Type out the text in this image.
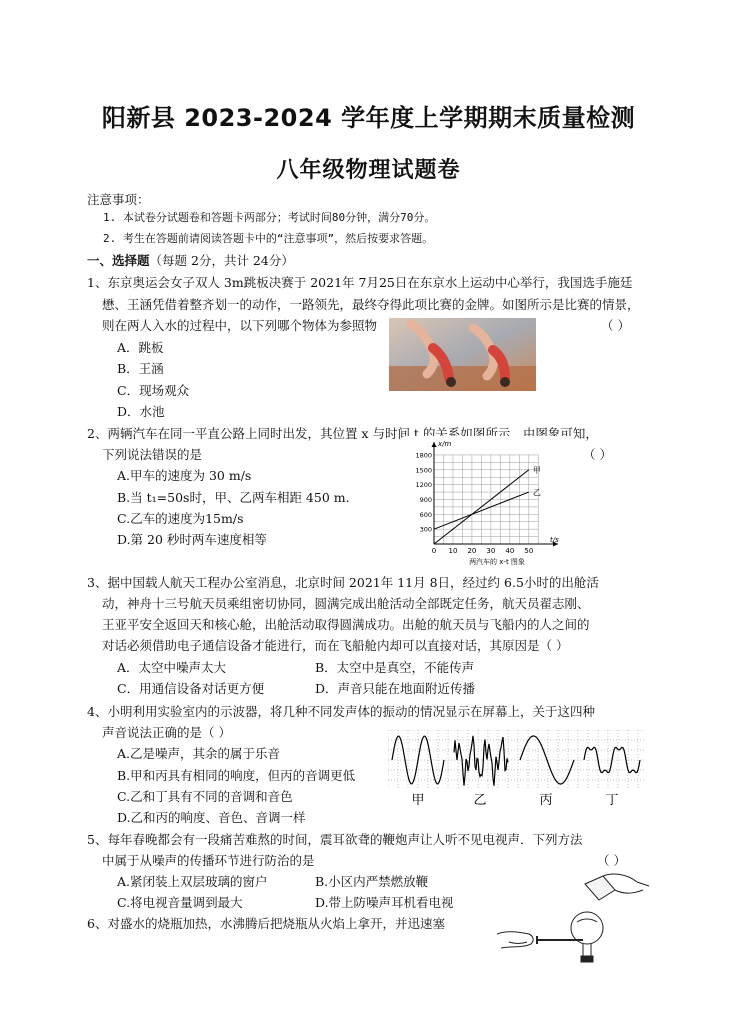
阳新县 2023-2024 学年度上学期期末质量检测
八年级物理试题卷
注意事项：
1. 本试卷分试题卷和答题卡两部分；考试时间80分钟，满分70分。
2. 考生在答题前请阅读答题卡中的“注意事项”，然后按要求答题。
一、选择题（每题 2分，共计 24分）
1、东京奥运会女子双人 3m跳板决赛于 2021年 7月25日在东京水上运动中心举行，我国选手施廷
懋、王涵凭借着整齐划一的动作，一路领先，最终夺得此项比赛的金牌。如图所示是比赛的情景，
则在两人入水的过程中，以下列哪个物体为参照物	（ ）
A．跳板
B．王涵
C．现场观众
D．水池
2、两辆汽车在同一平直公路上同时出发，其位置 x 与时间 t 的关系如图所示，由图象可知，
下列说法错误的是	（ ）
A.甲车的速度为 30 m/s
B.当 t₁=50s时，甲、乙两车相距 450 m.
C.乙车的速度为15m/s
D.第 20 秒时两车速度相等
0 10 20 30 40 50
300
600
900
1200
1500
1800
x/m
t/s
甲
乙
两汽车的 x-t 图象
3、据中国载人航天工程办公室消息，北京时间 2021年 11月 8日，经过约 6.5小时的出舱活
动，神舟十三号航天员乘组密切协同，圆满完成出舱活动全部既定任务，航天员翟志刚、
王亚平安全返回天和核心舱，出舱活动取得圆满成功。出舱的航天员与飞船内的人之间的
对话必须借助电子通信设备才能进行，而在飞船舱内却可以直接对话，其原因是（ ）
A．太空中噪声太大	B．太空中是真空，不能传声
C．用通信设备对话更方便	D．声音只能在地面附近传播
4、小明利用实验室内的示波器，将几种不同发声体的振动的情况显示在屏幕上，关于这四种
声音说法正确的是（ ）
A.乙是噪声，其余的属于乐音
B.甲和丙具有相同的响度，但丙的音调更低
C.乙和丁具有不同的音调和音色
D.乙和丙的响度、音色、音调一样
甲	乙	丙	丁
5、每年春晚都会有一段痛苦难熬的时间，震耳欲聋的鞭炮声让人听不见电视声．下列方法
中属于从噪声的传播环节进行防治的是	（ ）
A.紧闭装上双层玻璃的窗户	B.小区内严禁燃放鞭
C.将电视音量调到最大	D.带上防噪声耳机看电视
6、对盛水的烧瓶加热，水沸腾后把烧瓶从火焰上拿开，并迅速塞
